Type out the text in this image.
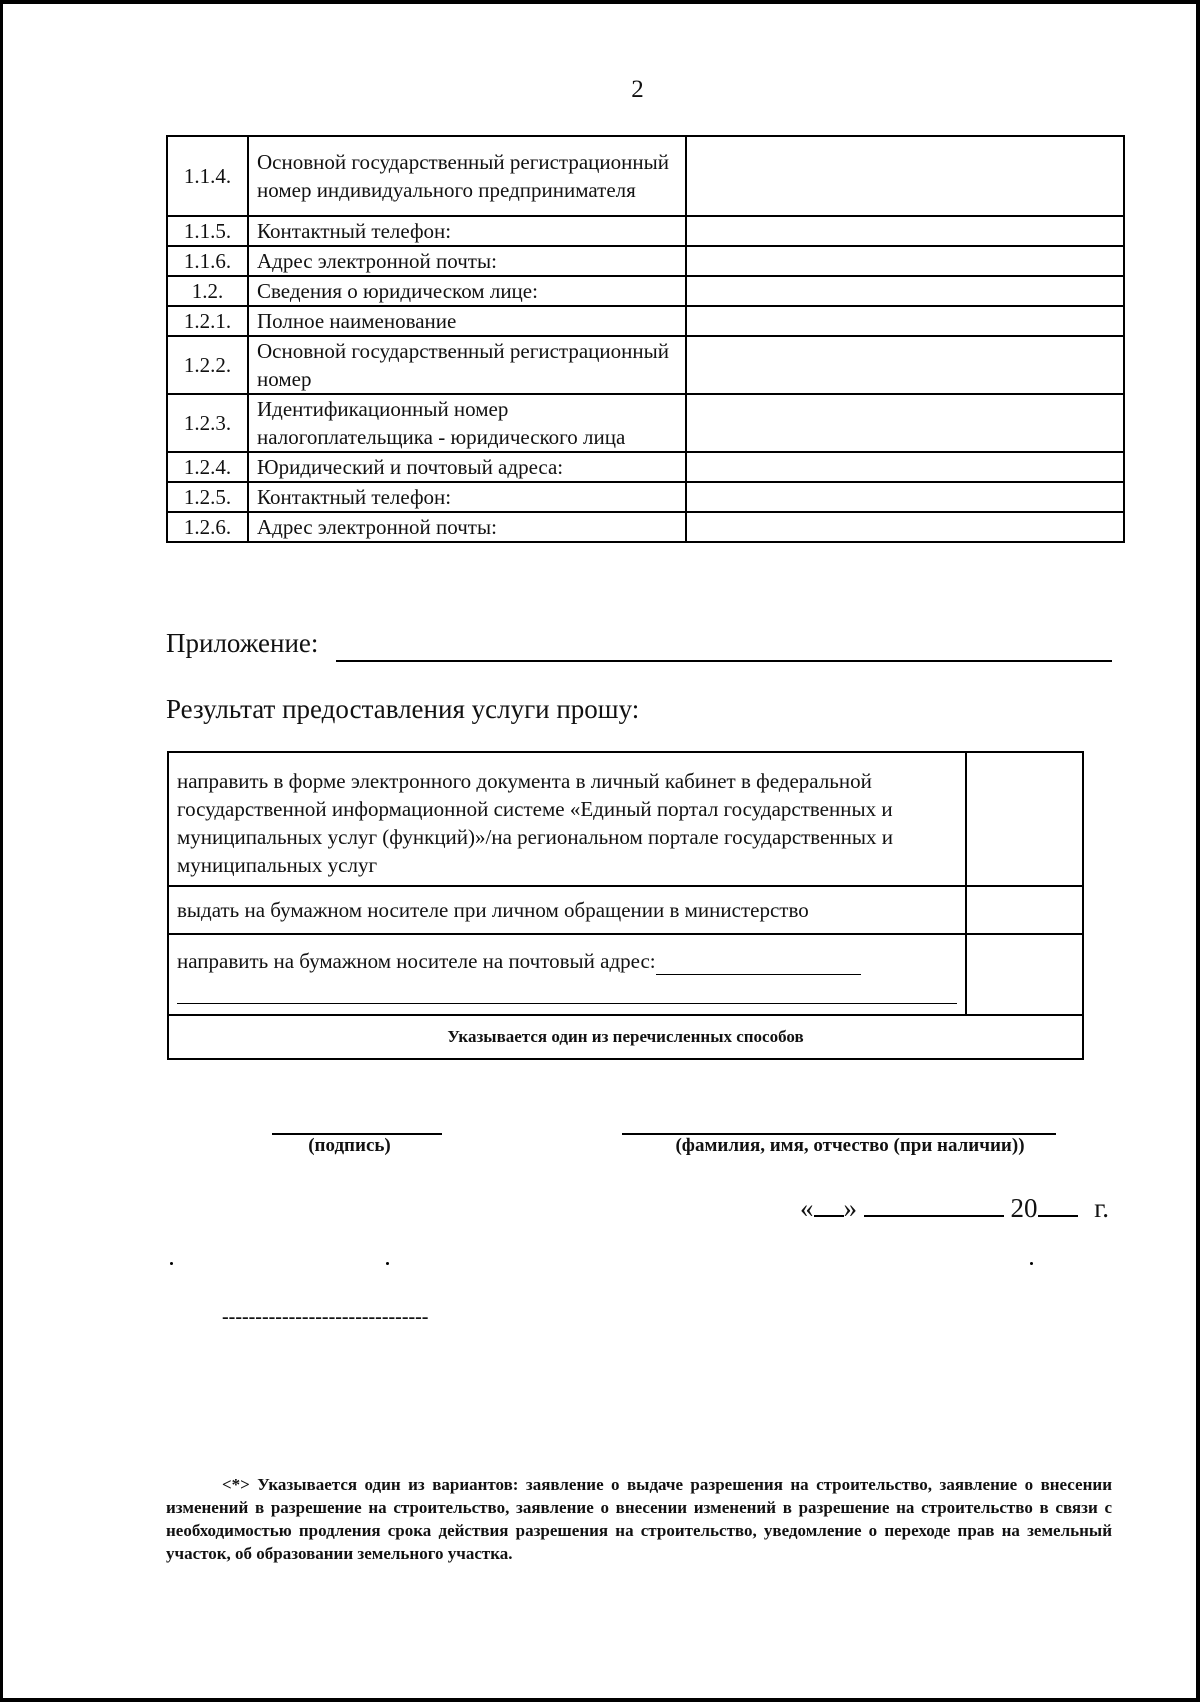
2
1.1.4.	Основной государственный регистрационный номер индивидуального предпринимателя	
1.1.5.	Контактный телефон:	
1.1.6.	Адрес электронной почты:	
1.2.	Сведения о юридическом лице:	
1.2.1.	Полное наименование	
1.2.2.	Основной государственный регистрационный номер	
1.2.3.	Идентификационный номер налогоплательщика - юридического лица	
1.2.4.	Юридический и почтовый адреса:	
1.2.5.	Контактный телефон:	
1.2.6.	Адрес электронной почты:	
Приложение:
Результат предоставления услуги прошу:
направить в форме электронного документа в личный кабинет в федеральной государственной информационной системе «Единый портал государственных и муниципальных услуг (функций)»/на региональном портале государственных и муниципальных услуг	
выдать на бумажном носителе при личном обращении в министерство	
направить на бумажном носителе на почтовый адрес:

Указывается один из перечисленных способов	
(подпись)	(фамилия, имя, отчество (при наличии))
« »	20 г.
-------------------------------
<*> Указывается один из вариантов: заявление о выдаче разрешения на строительство, заявление о внесении изменений в разрешение на строительство, заявление о внесении изменений в разрешение на строительство в связи с необходимостью продления срока действия разрешения на строительство, уведомление о переходе прав на земельный участок, об образовании земельного участка.
